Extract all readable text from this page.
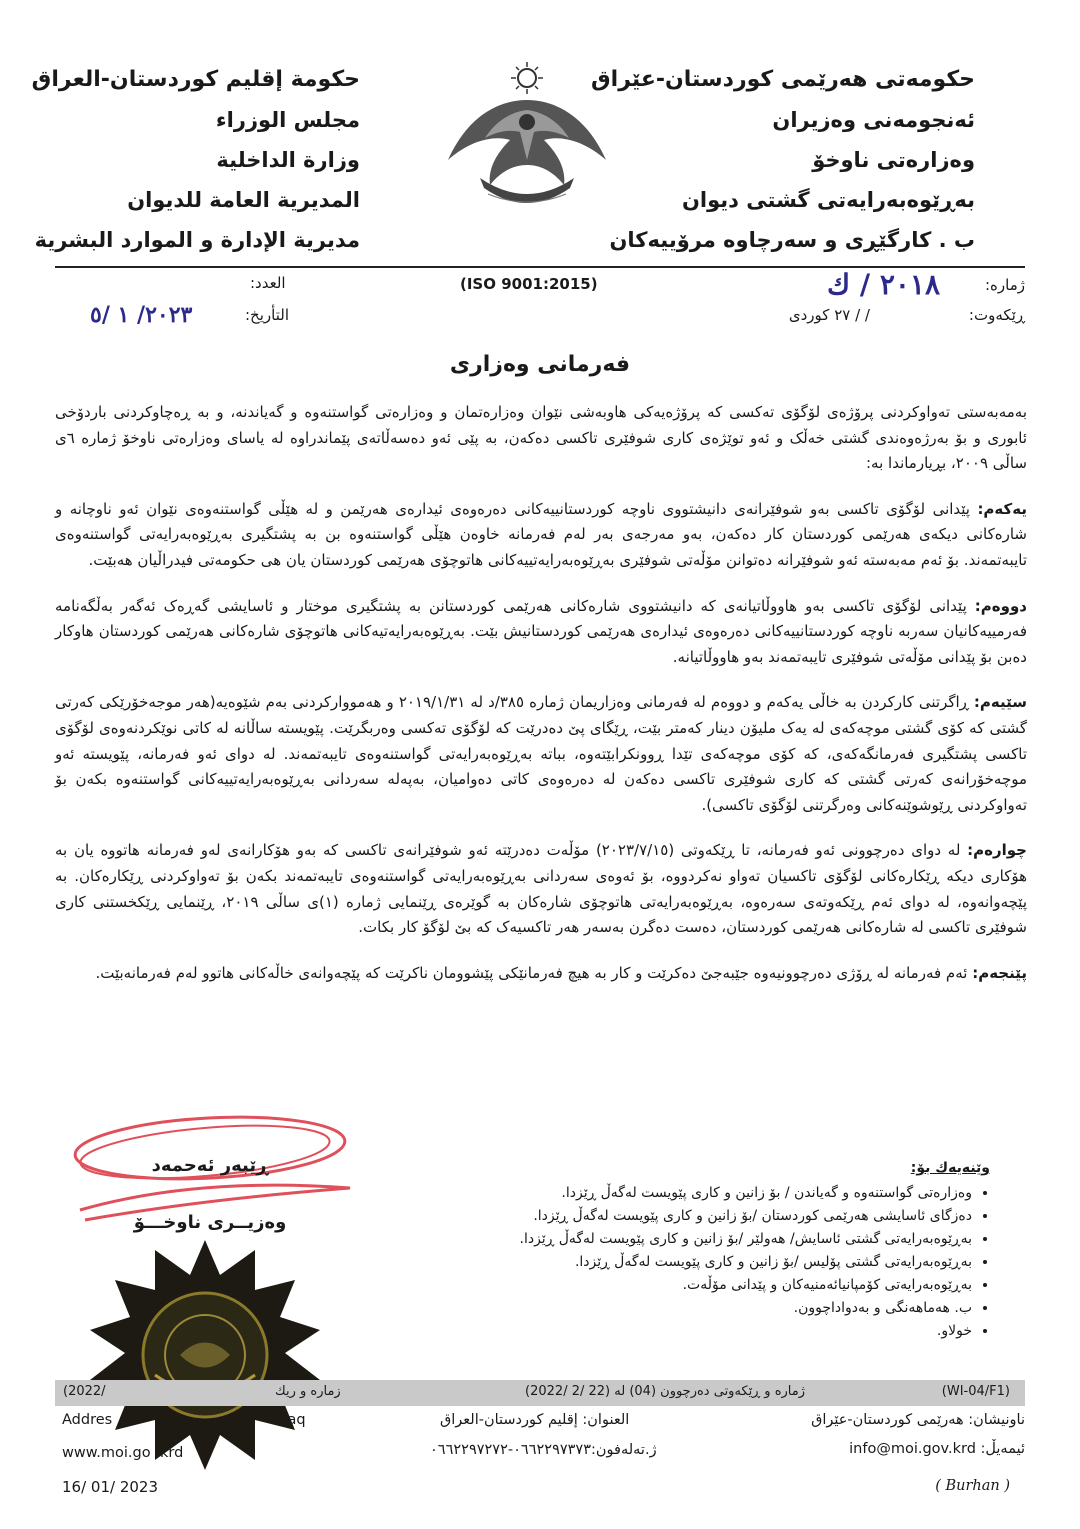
حکومەتی هەرێمی کوردستان-عێراق
ئەنجومەنی وەزیران
وەزارەتی ناوخۆ
بەڕێوەبەرایەتی گشتی دیوان
ب . کارگێڕی و سەرچاوە مرۆییەکان
حكومة إقليم كوردستان-العراق
مجلس الوزراء
وزارة الداخلية
المديرية العامة للديوان
مديرية الإدارة و الموارد البشرية
ژمارە:
٢٠١٨ / ك
(ISO 9001:2015)
العدد:
ڕێکەوت:
/ / ٢٧ کوردی
التأريخ:
٢٠٢٣/ ١ /٥
فەرمانی وەزاری

بەمەبەستی تەواوکردنی پرۆژەی لۆگۆی تەکسی کە پرۆژەیەکی هاوبەشی نێوان وەزارەتمان و وەزارەتی گواستنەوە و گەیاندنە، و بە ڕەچاوکردنی باردۆخی ئابوری و بۆ بەرژەوەندی گشتی خەڵک و ئەو توێژەی کاری شوفێری تاکسی دەکەن، بە پێی ئەو دەسەڵاتەی پێماندراوە لە یاسای وەزارەتی ناوخۆ ژمارە ٦ی ساڵی ٢٠٠٩، بڕیارماندا بە:

یەکەم: پێدانی لۆگۆی تاکسی بەو شوفێرانەی دانیشتووی ناوچە کوردستانییەکانی دەرەوەی ئیدارەی هەرێمن و لە هێڵی گواستنەوەی نێوان ئەو ناوچانە و شارەکانی دیکەی هەرێمی کوردستان کار دەکەن، بەو مەرجەی بەر لەم فەرمانە خاوەن هێڵی گواستنەوە بن بە پشتگیری بەڕێوەبەرایەتی گواستنەوەی تایبەتمەند. بۆ ئەم مەبەستە ئەو شوفێرانە دەتوانن مۆڵەتی شوفێری بەڕێوەبەرایەتییەکانی هاتوچۆی هەرێمی کوردستان یان هی حکومەتی فیدراڵیان هەبێت.

دووەم: پێدانی لۆگۆی تاکسی بەو هاووڵاتیانەی کە دانیشتووی شارەکانی هەرێمی کوردستانن بە پشتگیری موختار و ئاسایشی گەڕەک ئەگەر بەڵگەنامە فەرمییەکانیان سەربە ناوچە کوردستانییەکانی دەرەوەی ئیدارەی هەرێمی کوردستانیش بێت. بەڕێوەبەرایەتیەکانی هاتوچۆی شارەکانی هەرێمی کوردستان هاوکار دەبن بۆ پێدانی مۆڵەتی شوفێری تایبەتمەند بەو هاووڵاتیانە.

سێیەم: ڕاگرتنی کارکردن بە خاڵی یەکەم و دووەم لە فەرمانی وەزاریمان ژمارە ٣٨٥/د لە ٢٠١٩/١/٣١ و هەمووارکردنی بەم شێوەیە(هەر موجەخۆرێکی کەرتی گشتی کە کۆی گشتی موچەکەی لە یەک ملیۆن دینار کەمتر بێت، ڕێگای پێ دەدرێت کە لۆگۆی تەکسی وەربگرێت. پێویستە ساڵانە لە کاتی نوێکردنەوەی لۆگۆی تاکسی پشتگیری فەرمانگەکەی، کە کۆی موچەکەی تێدا ڕوونکرابێتەوە، بباتە بەڕێوەبەرایەتی گواستنەوەی تایبەتمەند. لە دوای ئەو فەرمانە، پێویستە ئەو موچەخۆرانەی کەرتی گشتی کە کاری شوفێری تاکسی دەکەن لە دەرەوەی کاتی دەوامیان، بەپەلە سەردانی بەڕێوەبەرایەتییەکانی گواستنەوە بکەن بۆ تەواوکردنی ڕێوشوێنەکانی وەرگرتنی لۆگۆی تاکسی).

چوارەم: لە دوای دەرچوونی ئەو فەرمانە، تا ڕێکەوتی (٢٠٢٣/٧/١٥) مۆڵەت دەدرێتە ئەو شوفێرانەی تاکسی کە بەو هۆکارانەی لەو فەرمانە هاتووە یان بە هۆکاری دیکە ڕێکارەکانی لۆگۆی تاکسیان تەواو نەکردووە، بۆ ئەوەی سەردانی بەڕێوەبەرایەتی گواستنەوەی تایبەتمەند بکەن بۆ تەواوکردنی ڕێکارەکان. بە پێچەوانەوە، لە دوای ئەم ڕێکەوتەی سەرەوە، بەڕێوەبەرایەتی هاتوچۆی شارەکان بە گوێرەی ڕێنمایی ژمارە (١)ی ساڵی ٢٠١٩، ڕێنمایی ڕێکخستنی کاری شوفێری تاکسی لە شارەکانی هەرێمی کوردستان، دەست دەگرن بەسەر هەر تاکسیەک کە بێ لۆگۆ کار بکات.

پێنجەم: ئەم فەرمانە لە ڕۆژی دەرچوونیەوە جێبەجێ دەکرێت و کار بە هیچ فەرمانێکی پێشوومان ناکرێت کە پێچەوانەی خاڵەکانی هاتوو لەم فەرمانەبێت.

ڕێبەر ئەحمەد
وەزیــری ناوخـــۆ
وێنەیەك بۆ:
• وەزارەتی گواستنەوە و گەیاندن / بۆ زانین و کاری پێویست لەگەڵ ڕێزدا.
• دەزگای ئاسایشی هەرێمی کوردستان /بۆ زانین و کاری پێویست لەگەڵ ڕێزدا.
• بەڕێوەبەرایەتی گشتی ئاسایش/ هەولێر /بۆ زانین و کاری پێویست لەگەڵ ڕێزدا.
• بەڕێوەبەرایەتی گشتی پۆلیس /بۆ زانین و کاری پێویست لەگەڵ ڕێزدا.
• بەڕێوەبەرایەتی کۆمپانیائەمنیەکان و پێدانی مۆڵەت.
• ب. هەماهەنگی و بەدواداچوون.
• خولاو.
(WI-04/F1)
ژمارە و ڕێکەوتی دەرچوون (04) لە (22 /2 /2022)
زمارە و ريك
(2022/
ناونیشان: هەرێمی کوردستان-عێراق
info@moi.gov.krd :ئیمەیڵ
العنوان: إقليم كوردستان-العراق
ژ.تەلەفون:٠٦٦٢٢٩٧٣٧٣-٠٦٦٢٢٩٧٢٧٢
Addres	-Iraq
www.moi.go krd
16/ 01/ 2023	( Burhan )
